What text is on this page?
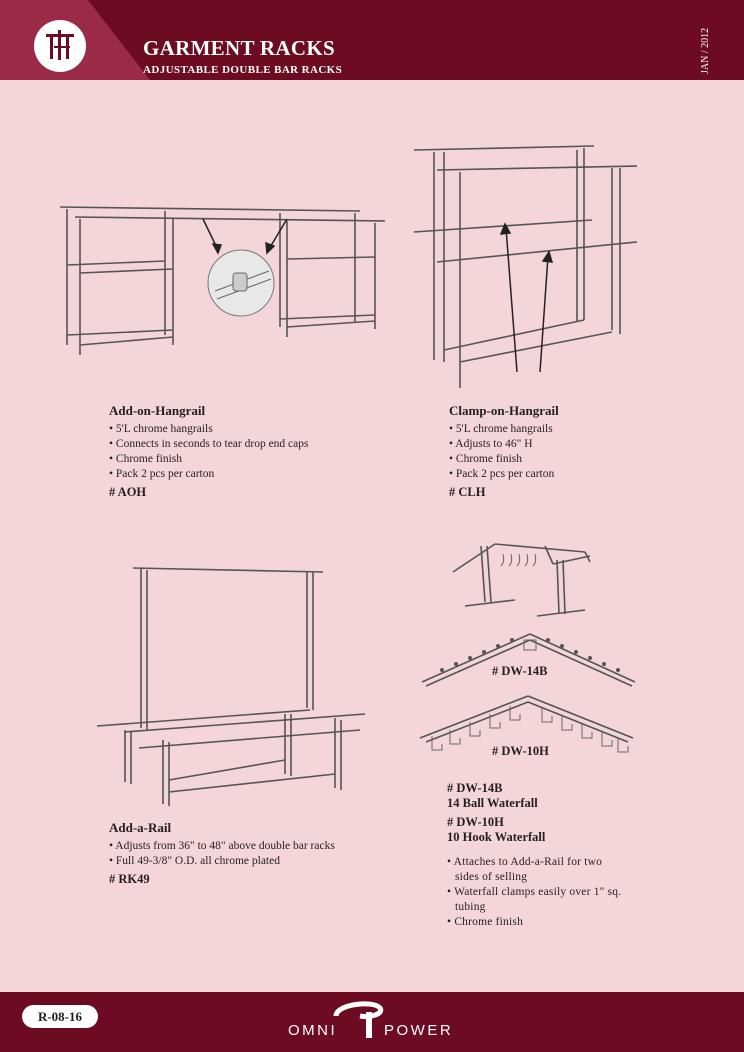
GARMENT RACKS
ADJUSTABLE DOUBLE BAR RACKS	JAN / 2012
Add-on-Hangrail
• 5'L chrome hangrails
• Connects in seconds to tear drop end caps
• Chrome finish
• Pack 2 pcs per carton
# AOH
Clamp-on-Hangrail
• 5'L chrome hangrails
• Adjusts to 46" H
• Chrome finish
• Pack 2 pcs per carton
# CLH
Add-a-Rail
• Adjusts from 36" to 48" above double bar racks
• Full 49-3/8" O.D. all chrome plated
# RK49
# DW-14B
# DW-10H
# DW-14B
14 Ball Waterfall
# DW-10H
10 Hook Waterfall
• Attaches to Add-a-Rail for two sides of selling
• Waterfall clamps easily over 1" sq. tubing
• Chrome finish
R-08-16
OMNI	POWER
